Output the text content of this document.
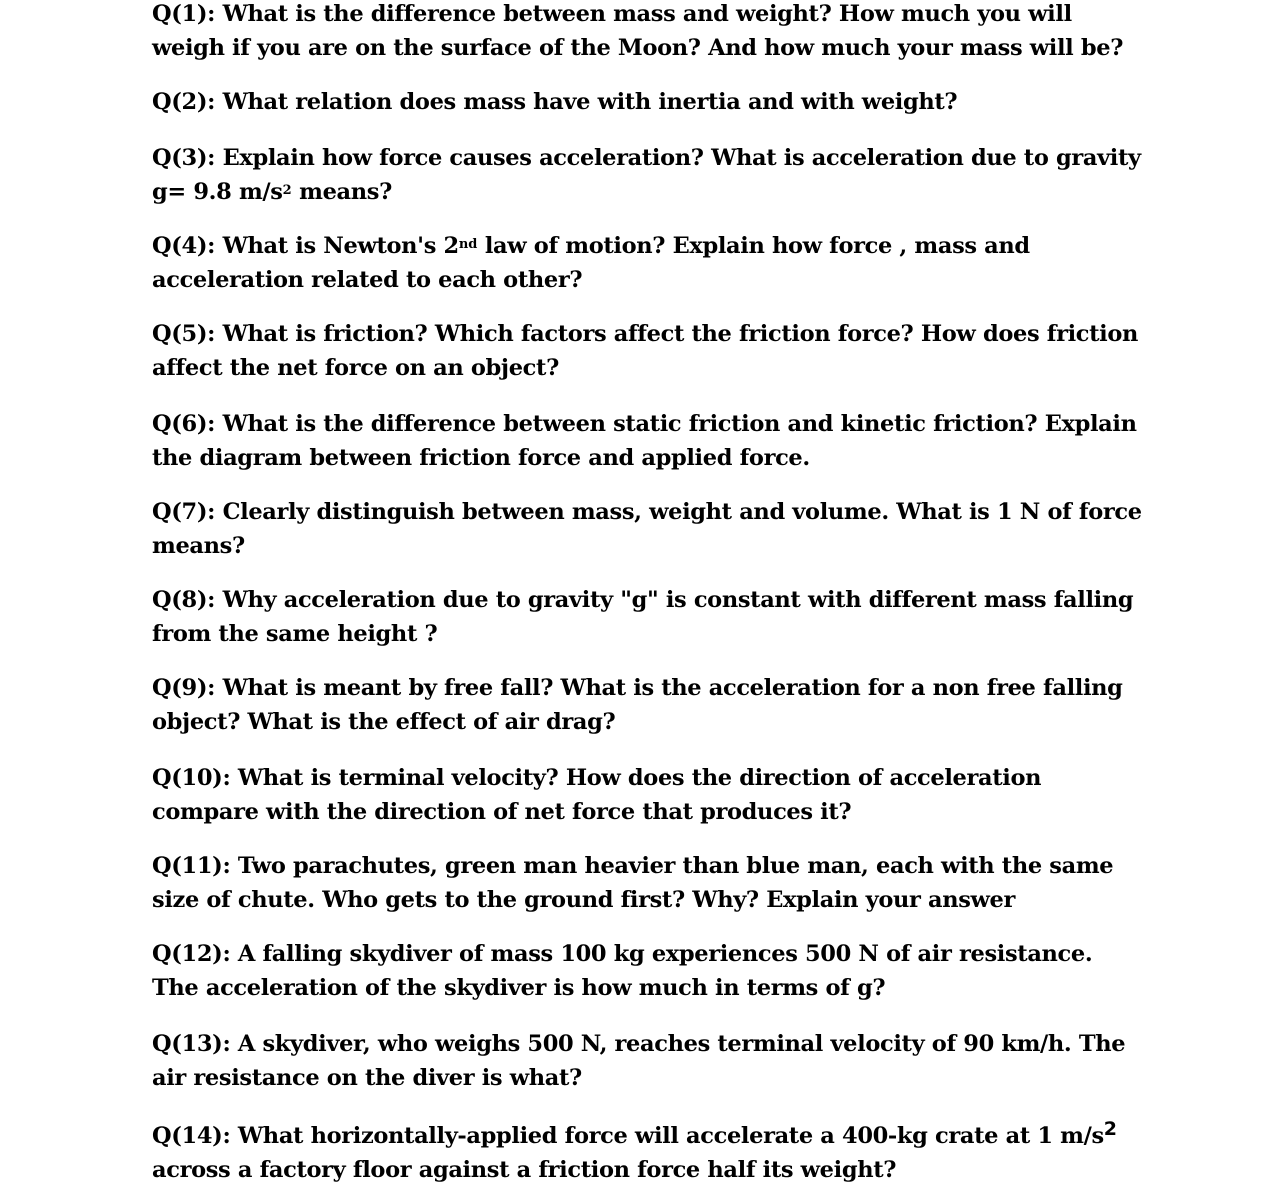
Q(1): What is the difference between mass and weight? How much you will weigh if you are on the surface of the Moon? And how much your mass will be?

Q(2): What relation does mass have with inertia and with weight?

Q(3): Explain how force causes acceleration? What is acceleration due to gravity g= 9.8 $m/s^2$ means?

Q(4): What is Newton's 2nd law of motion? Explain how force , mass and acceleration related to each other?

Q(5): What is friction? Which factors affect the friction force? How does friction affect the net force on an object?

Q(6): What is the difference between static friction and kinetic friction? Explain the diagram between friction force and applied force.

Q(7): Clearly distinguish between mass, weight and volume. What is 1 N of force means?

Q(8): Why acceleration due to gravity "g" is constant with different mass falling from the same height ?

Q(9): What is meant by free fall? What is the acceleration for a non free falling object? What is the effect of air drag?

Q(10): What is terminal velocity? How does the direction of acceleration compare with the direction of net force that produces it?

Q(11): Two parachutes, green man heavier than blue man, each with the same size of chute. Who gets to the ground first? Why? Explain your answer

Q(12): A falling skydiver of mass 100 kg experiences 500 N of air resistance. The acceleration of the skydiver is how much in terms of g?

Q(13): A skydiver, who weighs 500 N, reaches terminal velocity of 90 km/h. The air resistance on the diver is what?

Q(14): What horizontally-applied force will accelerate a 400-kg crate at 1 $m/s^2$ across a factory floor against a friction force half its weight?
